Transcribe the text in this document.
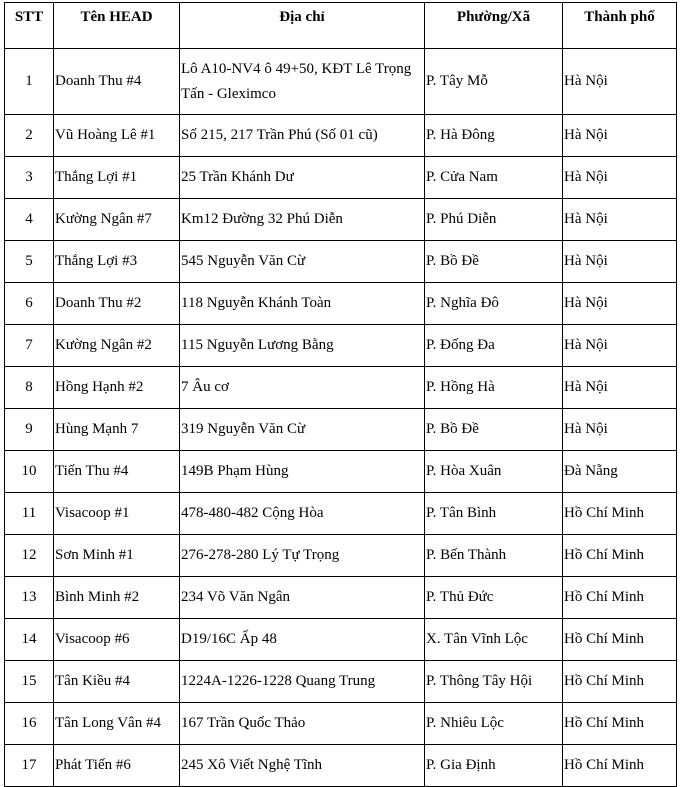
STT	Tên HEAD	Địa chỉ	Phường/Xã	Thành phố
1	Doanh Thu #4	Lô A10-NV4 ô 49+50, KĐT Lê Trọng Tấn - Gleximco	P. Tây Mỗ	Hà Nội
2	Vũ Hoàng Lê #1	Số 215, 217 Trần Phú (Số 01 cũ)	P. Hà Đông	Hà Nội
3	Thắng Lợi #1	25 Trần Khánh Dư	P. Cửa Nam	Hà Nội
4	Kường Ngân #7	Km12 Đường 32 Phú Diễn	P. Phú Diễn	Hà Nội
5	Thắng Lợi #3	545 Nguyễn Văn Cừ	P. Bồ Đề	Hà Nội
6	Doanh Thu #2	118 Nguyễn Khánh Toàn	P. Nghĩa Đô	Hà Nội
7	Kường Ngân #2	115 Nguyễn Lương Bằng	P. Đống Đa	Hà Nội
8	Hồng Hạnh #2	7 Âu cơ	P. Hồng Hà	Hà Nội
9	Hùng Mạnh 7	319 Nguyễn Văn Cừ	P. Bồ Đề	Hà Nội
10	Tiến Thu #4	149B Phạm Hùng	P. Hòa Xuân	Đà Nẵng
11	Visacoop #1	478-480-482 Cộng Hòa	P. Tân Bình	Hồ Chí Minh
12	Sơn Minh #1	276-278-280 Lý Tự Trọng	P. Bến Thành	Hồ Chí Minh
13	Bình Minh #2	234 Võ Văn Ngân	P. Thủ Đức	Hồ Chí Minh
14	Visacoop #6	D19/16C Ấp 48	X. Tân Vĩnh Lộc	Hồ Chí Minh
15	Tân Kiều #4	1224A-1226-1228 Quang Trung	P. Thông Tây Hội	Hồ Chí Minh
16	Tân Long Vân #4	167 Trần Quốc Thảo	P. Nhiêu Lộc	Hồ Chí Minh
17	Phát Tiến #6	245 Xô Viết Nghệ Tĩnh	P. Gia Định	Hồ Chí Minh
